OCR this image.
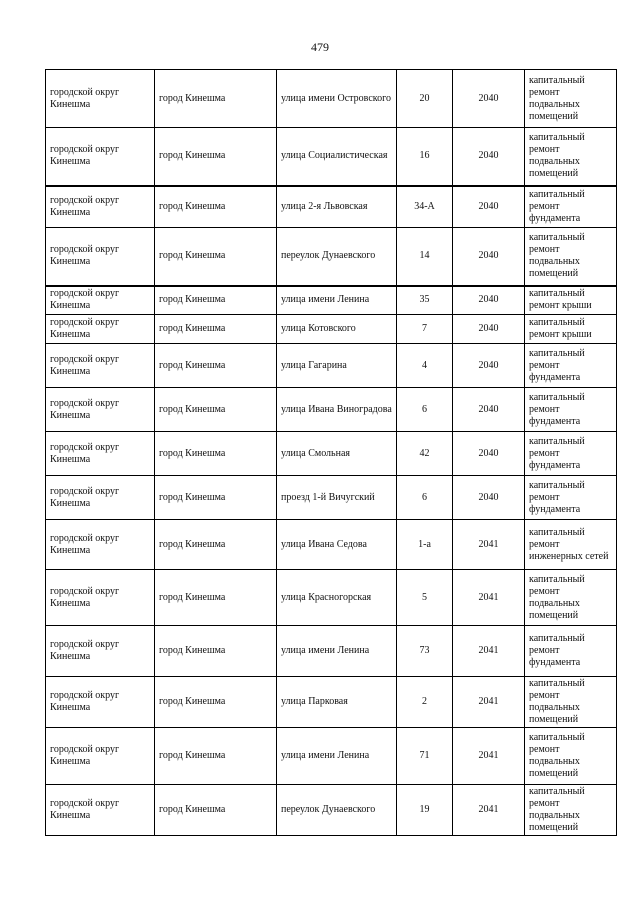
479
городской округ Кинешма	город Кинешма	улица имени Островского	20	2040	капитальный ремонт подвальных помещений
городской округ Кинешма	город Кинешма	улица Социалистическая	16	2040	капитальный ремонт подвальных помещений
городской округ Кинешма	город Кинешма	улица 2-я Львовская	34-А	2040	капитальный ремонт фундамента
городской округ Кинешма	город Кинешма	переулок Дунаевского	14	2040	капитальный ремонт подвальных помещений
городской округ Кинешма	город Кинешма	улица имени Ленина	35	2040	капитальный ремонт крыши
городской округ Кинешма	город Кинешма	улица Котовского	7	2040	капитальный ремонт крыши
городской округ Кинешма	город Кинешма	улица Гагарина	4	2040	капитальный ремонт фундамента
городской округ Кинешма	город Кинешма	улица Ивана Виноградова	6	2040	капитальный ремонт фундамента
городской округ Кинешма	город Кинешма	улица Смольная	42	2040	капитальный ремонт фундамента
городской округ Кинешма	город Кинешма	проезд 1-й Вичугский	6	2040	капитальный ремонт фундамента
городской округ Кинешма	город Кинешма	улица Ивана Седова	1-а	2041	капитальный ремонт инженерных сетей
городской округ Кинешма	город Кинешма	улица Красногорская	5	2041	капитальный ремонт подвальных помещений
городской округ Кинешма	город Кинешма	улица имени Ленина	73	2041	капитальный ремонт фундамента
городской округ Кинешма	город Кинешма	улица Парковая	2	2041	капитальный ремонт подвальных помещений
городской округ Кинешма	город Кинешма	улица имени Ленина	71	2041	капитальный ремонт подвальных помещений
городской округ Кинешма	город Кинешма	переулок Дунаевского	19	2041	капитальный ремонт подвальных помещений
